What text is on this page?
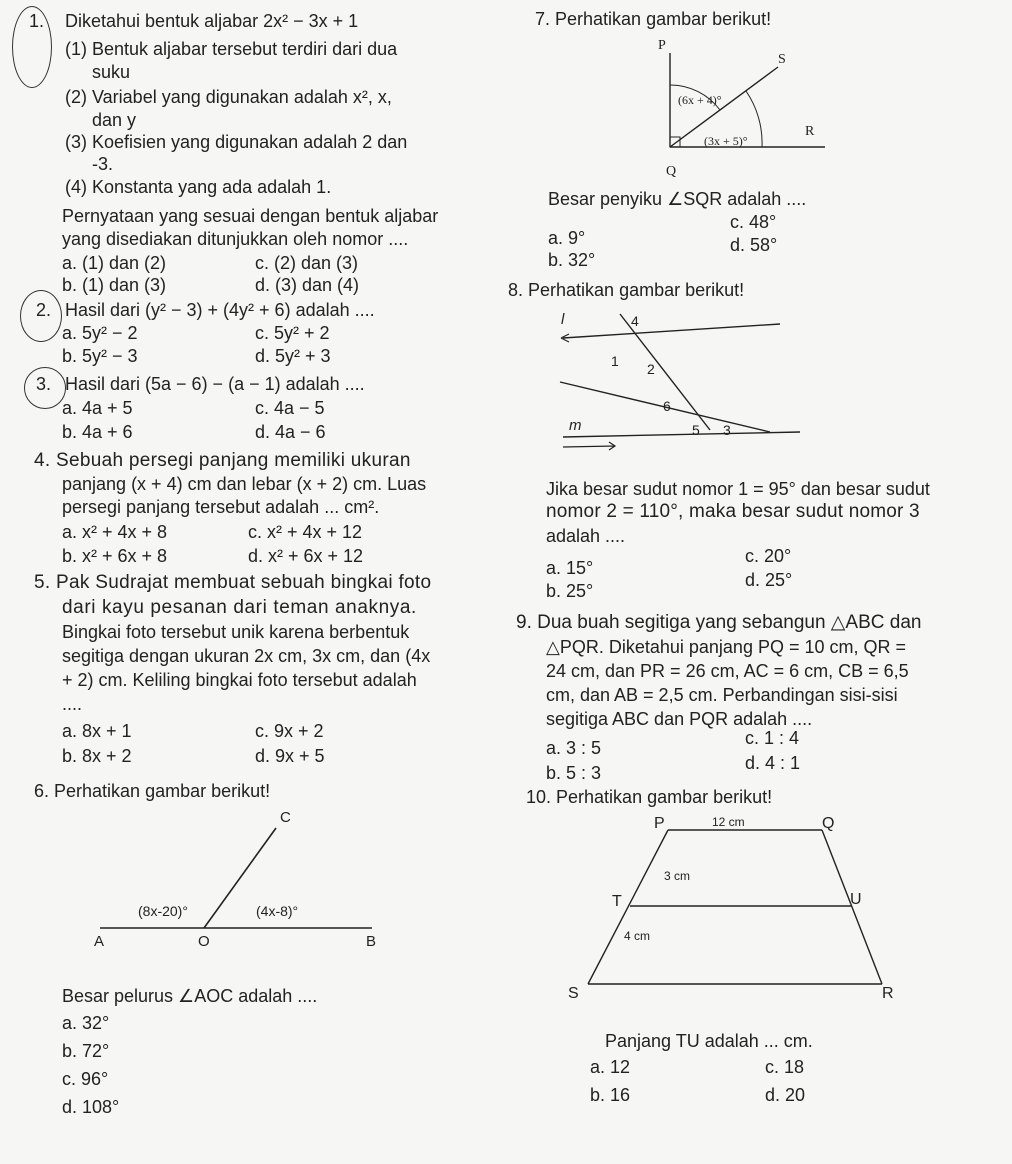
1. Diketahui bentuk aljabar 2x² − 3x + 1
(1) Bentuk aljabar tersebut terdiri dari dua
suku
(2) Variabel yang digunakan adalah x², x,
dan y
(3) Koefisien yang digunakan adalah 2 dan
-3.
(4) Konstanta yang ada adalah 1.
Pernyataan yang sesuai dengan bentuk aljabar
yang disediakan ditunjukkan oleh nomor ....
a. (1) dan (2)	c. (2) dan (3)
b. (1) dan (3)	d. (3) dan (4)
2. Hasil dari (y² − 3) + (4y² + 6) adalah ....
a. 5y² − 2	c. 5y² + 2
b. 5y² − 3	d. 5y² + 3
3. Hasil dari (5a − 6) − (a − 1) adalah ....
a. 4a + 5	c. 4a − 5
b. 4a + 6	d. 4a − 6
4. Sebuah persegi panjang memiliki ukuran
panjang (x + 4) cm dan lebar (x + 2) cm. Luas
persegi panjang tersebut adalah ... cm².
a. x² + 4x + 8	c. x² + 4x + 12
b. x² + 6x + 8	d. x² + 6x + 12
5. Pak Sudrajat membuat sebuah bingkai foto
dari kayu pesanan dari teman anaknya.
Bingkai foto tersebut unik karena berbentuk
segitiga dengan ukuran 2x cm, 3x cm, dan (4x
+ 2) cm. Keliling bingkai foto tersebut adalah
....
a. 8x + 1	c. 9x + 2
b. 8x + 2	d. 9x + 5
6. Perhatikan gambar berikut!
C
A	O	B
(8x-20)°	(4x-8)°
Besar pelurus ∠AOC adalah ....
a. 32°
b. 72°
c. 96°
d. 108°
7. Perhatikan gambar berikut!
P
S
R
Q
(6x + 4)°
(3x + 5)°
Besar penyiku ∠SQR adalah ....
a. 9°
c. 48°
b. 32°
d. 58°
8. Perhatikan gambar berikut!
l
m
1 2
3
4
5
6
Jika besar sudut nomor 1 = 95° dan besar sudut
nomor 2 = 110°, maka besar sudut nomor 3
adalah ....
a. 15°
c. 20°
b. 25°
d. 25°
9. Dua buah segitiga yang sebangun △ABC dan
△PQR. Diketahui panjang PQ = 10 cm, QR =
24 cm, dan PR = 26 cm, AC = 6 cm, CB = 6,5
cm, dan AB = 2,5 cm. Perbandingan sisi-sisi
segitiga ABC dan PQR adalah ....
a. 3 : 5	c. 1 : 4
b. 5 : 3	d. 4 : 1
10. Perhatikan gambar berikut!
P	Q
T	U
S	R
12 cm
3 cm
4 cm
Panjang TU adalah ... cm.
a. 12	c. 18
b. 16	d. 20
